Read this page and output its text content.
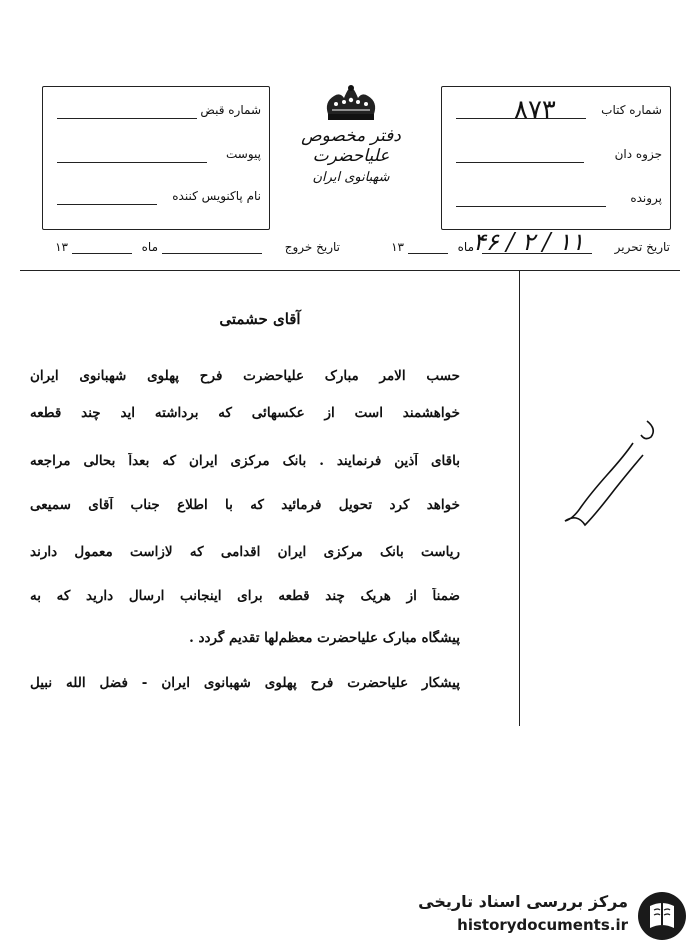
شماره کتاب
۸۷۳
جزوه دان
پرونده
دفتر مخصوص علیاحضرت
شهبانوی ایران
شماره قبض
پیوست
نام پاکنویس کننده
تاریخ تحریر
۱۱ / ۲ / ۴۶
ماه
۱۳
تاریخ خروج
ماه
۱۳
آقای حشمتی
حسب الامر مبارک علیاحضرت فرح پهلوی شهبانوی ایران
خواهشمند است از عکسهائی که برداشته اید چند قطعه
باقای آذین فرنمایند . بانک مرکزی ایران که بعداً بحالی مراجعه
خواهد کرد تحویل فرمائید که با اطلاع جناب آقای سمیعی
ریاست بانک مرکزی ایران اقدامی که لازاست معمول دارند
ضمناً از هریک چند قطعه برای اینجانب ارسال دارید که به
پیشگاه مبارک علیاحضرت معظم‌لها تقدیم گردد .
پیشکار علیاحضرت فرح پهلوی شهبانوی ایران - فضل الله نبیل
مرکز بررسی اسناد تاریخی
historydocuments.ir
